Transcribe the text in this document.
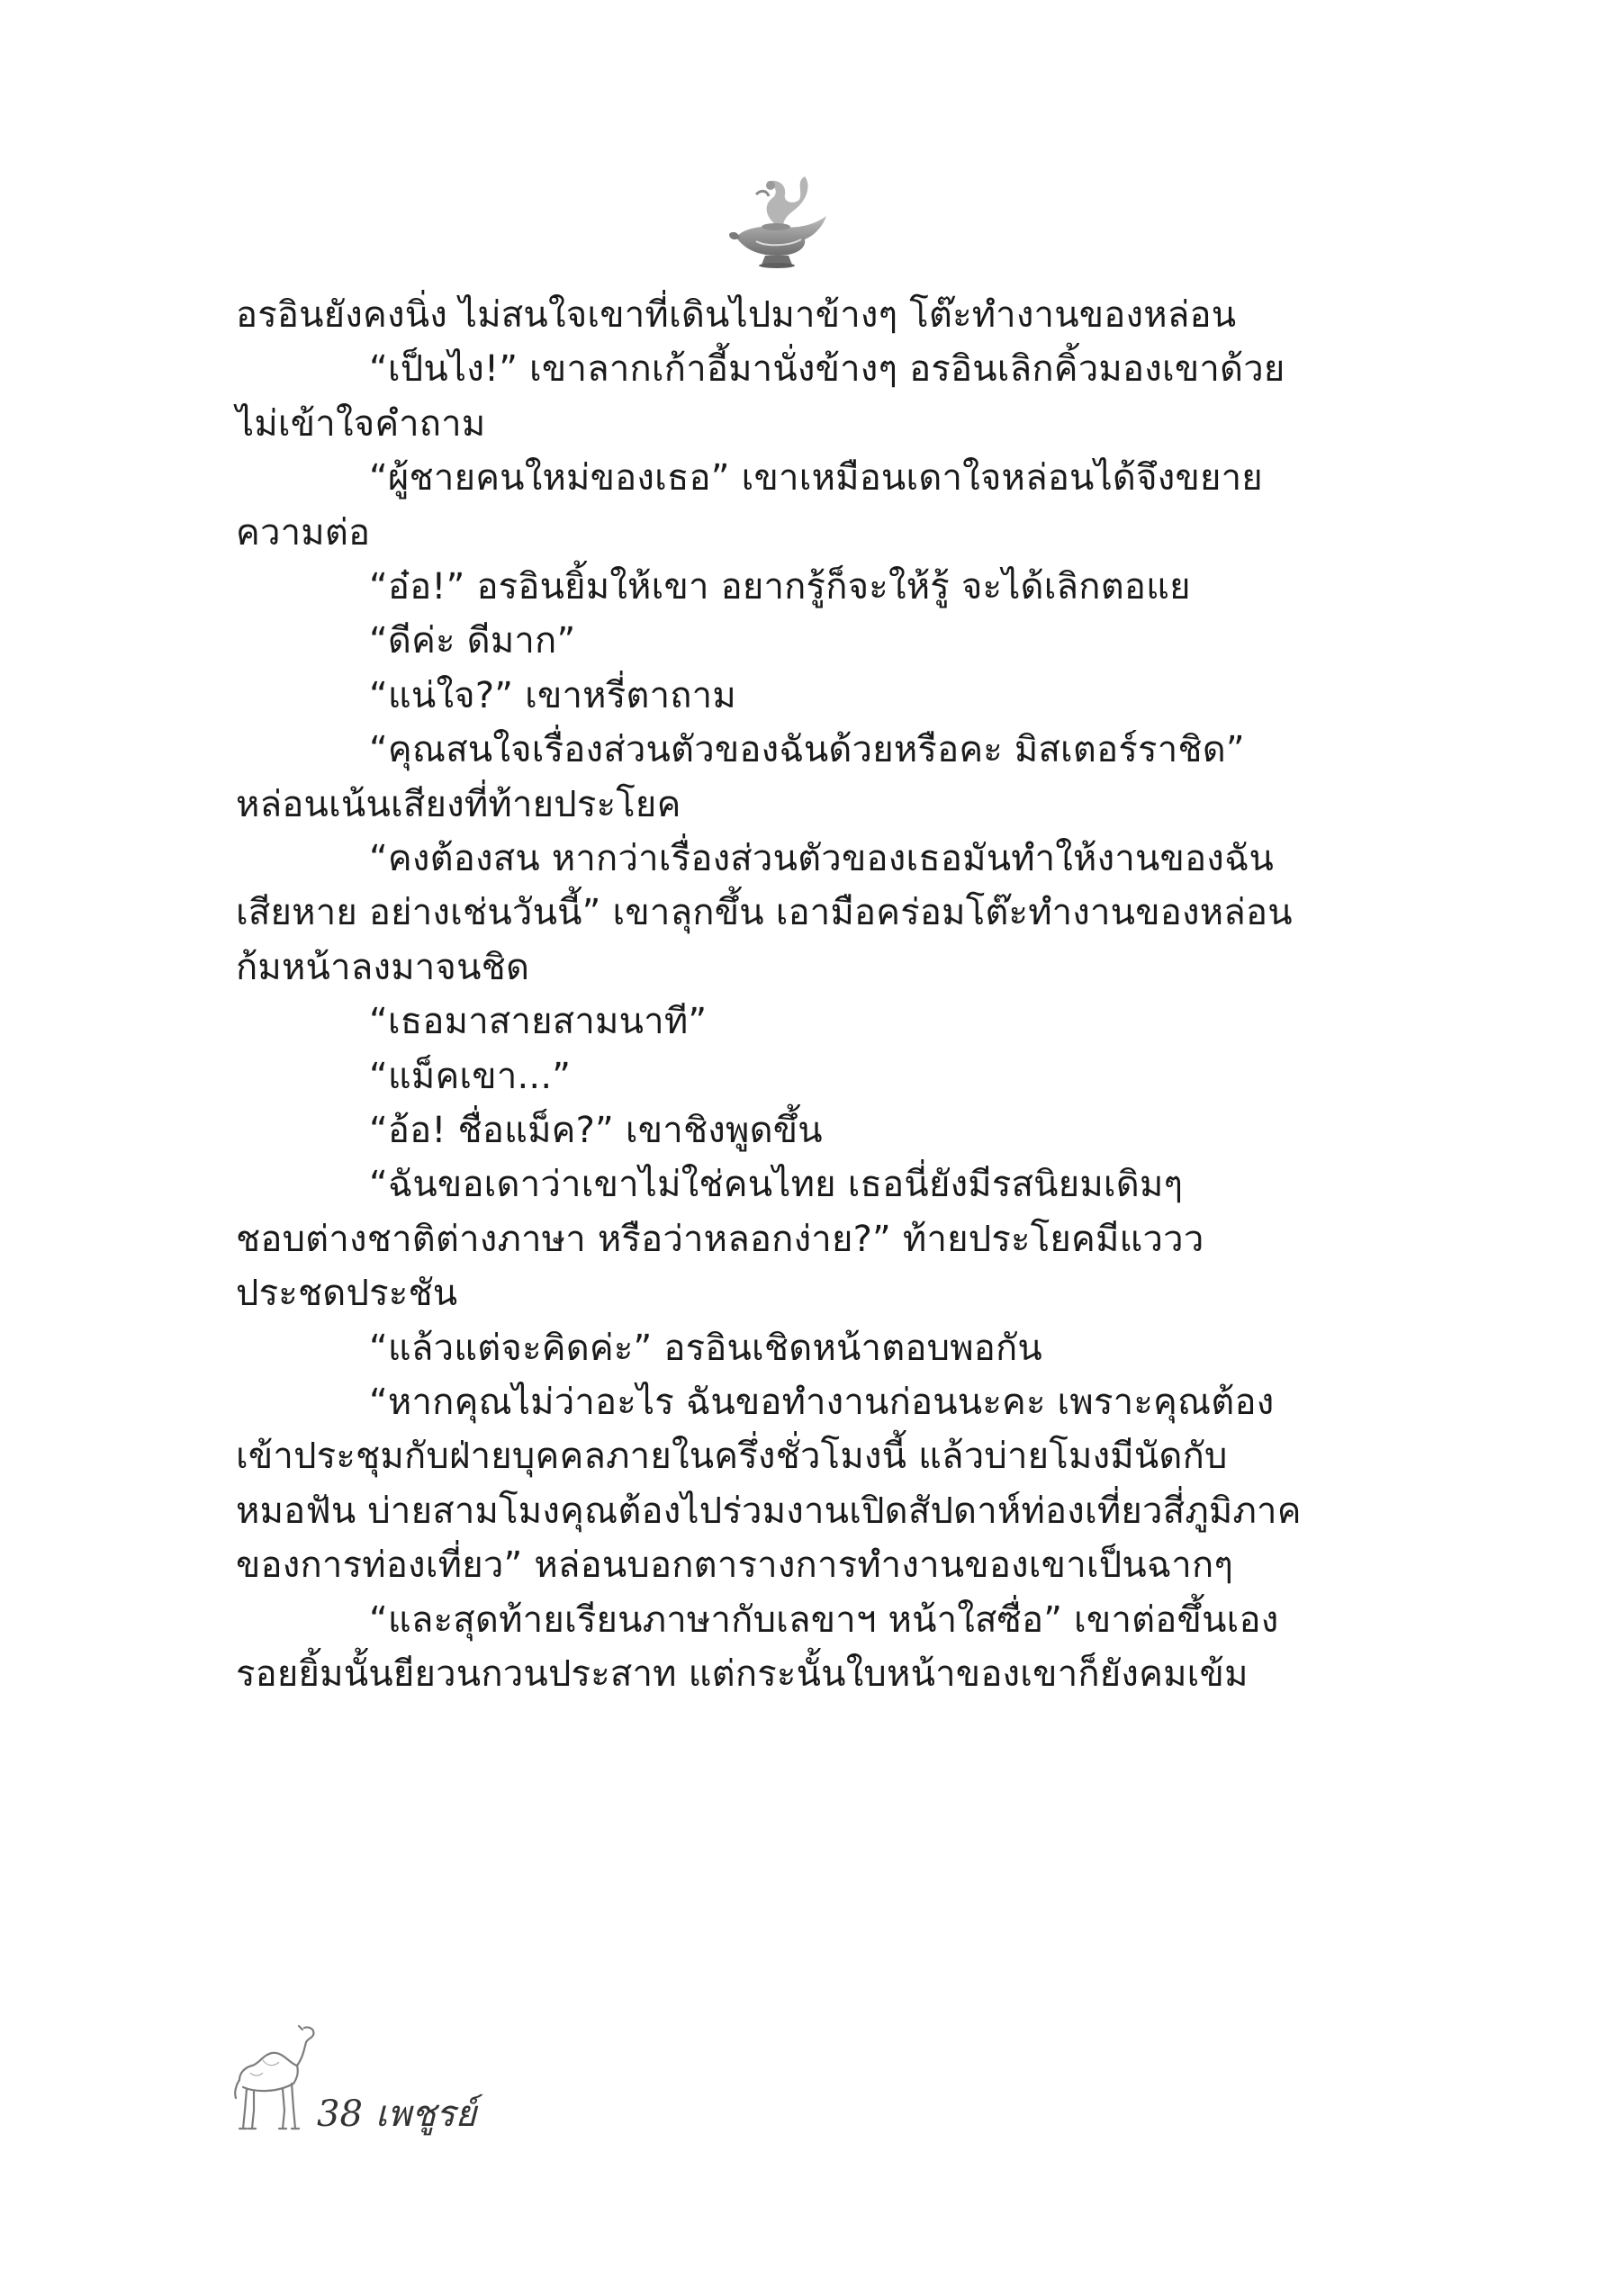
อรอินยังคงนิ่ง ไม่สนใจเขาที่เดินไปมาข้างๆ โต๊ะทำงานของหล่อน
“เป็นไง!” เขาลากเก้าอี้มานั่งข้างๆ อรอินเลิกคิ้วมองเขาด้วย
ไม่เข้าใจคำถาม
“ผู้ชายคนใหม่ของเธอ” เขาเหมือนเดาใจหล่อนได้จึงขยาย
ความต่อ
“อ๋อ!” อรอินยิ้มให้เขา อยากรู้ก็จะให้รู้ จะได้เลิกตอแย
“ดีค่ะ ดีมาก”
“แน่ใจ?” เขาหรี่ตาถาม
“คุณสนใจเรื่องส่วนตัวของฉันด้วยหรือคะ มิสเตอร์ราชิด”
หล่อนเน้นเสียงที่ท้ายประโยค
“คงต้องสน หากว่าเรื่องส่วนตัวของเธอมันทำให้งานของฉัน
เสียหาย อย่างเช่นวันนี้” เขาลุกขึ้น เอามือคร่อมโต๊ะทำงานของหล่อน
ก้มหน้าลงมาจนชิด
“เธอมาสายสามนาที”
“แม็คเขา...”
“อ้อ! ชื่อแม็ค?” เขาชิงพูดขึ้น
“ฉันขอเดาว่าเขาไม่ใช่คนไทย เธอนี่ยังมีรสนิยมเดิมๆ
ชอบต่างชาติต่างภาษา หรือว่าหลอกง่าย?” ท้ายประโยคมีแววว
ประชดประชัน
“แล้วแต่จะคิดค่ะ” อรอินเชิดหน้าตอบพอกัน
“หากคุณไม่ว่าอะไร ฉันขอทำงานก่อนนะคะ เพราะคุณต้อง
เข้าประชุมกับฝ่ายบุคคลภายในครึ่งชั่วโมงนี้ แล้วบ่ายโมงมีนัดกับ
หมอฟัน บ่ายสามโมงคุณต้องไปร่วมงานเปิดสัปดาห์ท่องเที่ยวสี่ภูมิภาค
ของการท่องเที่ยว” หล่อนบอกตารางการทำงานของเขาเป็นฉากๆ
“และสุดท้ายเรียนภาษากับเลขาฯ หน้าใสซื่อ” เขาต่อขึ้นเอง
รอยยิ้มนั้นยียวนกวนประสาท แต่กระนั้นใบหน้าของเขาก็ยังคมเข้ม
38 เพชูรย์
